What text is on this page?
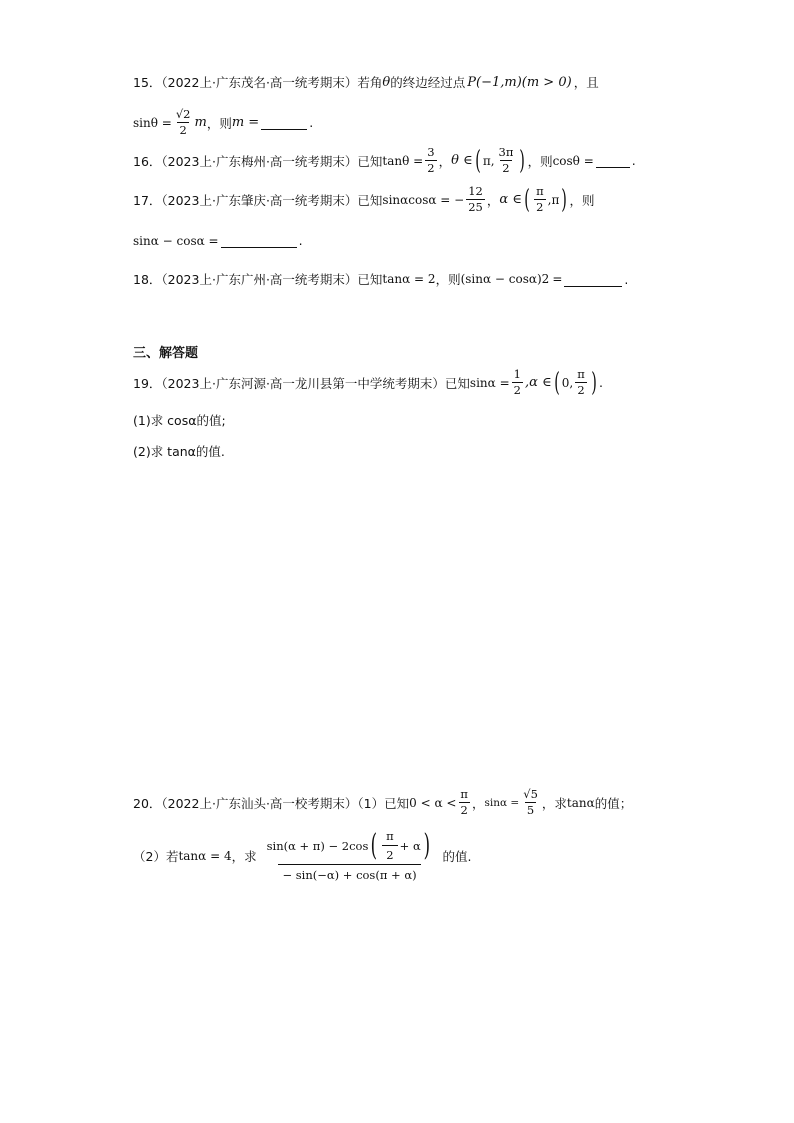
15．（2022上·广东茂名·高一统考期末）若角 θ 的终边经过点 P(−1,m)(m > 0) ，且
$\sin\theta = \frac{√2}{2}$ m ，则 m =	.
16．（2023上·广东梅州·高一统考期末）已知 $\tan\theta = \frac{3}{2}$ ， θ ∈ ( π, $\frac{3\pi}{2}$ ) ，则 cosθ =	.
17．（2023上·广东肇庆·高一统考期末）已知 sinαcosα = − $\frac{12}{25}$ ， α ∈ ( $\frac{\pi}{2} ,\pi$ ) ，则
sinα − cosα =	.
18．（2023上·广东广州·高一统考期末）已知 tanα = 2 ，则 (sinα − cosα) 2 =	.
三、解答题
19．（2023上·广东河源·高一龙川县第一中学统考期末）已知 $\sin\alpha = \frac{1}{2} ,\alpha$ ∈ ( 0, $\frac{\pi}{2}$ ) .
(1)求 cosα的值;
(2)求 tanα的值.
20．（2022上·广东汕头·高一校考期末）（1）已知 $0 < \alpha < \frac{\pi}{2}$ ， $\sin\alpha = \frac{√5}{5}$ ，求 tanα 的值；
（2）若 tanα = 4 ，求
sin(α + π) − 2cos ( $\frac{\pi}{2} + \alpha$ )
− sin(−α) + cos(π + α)
的值.
